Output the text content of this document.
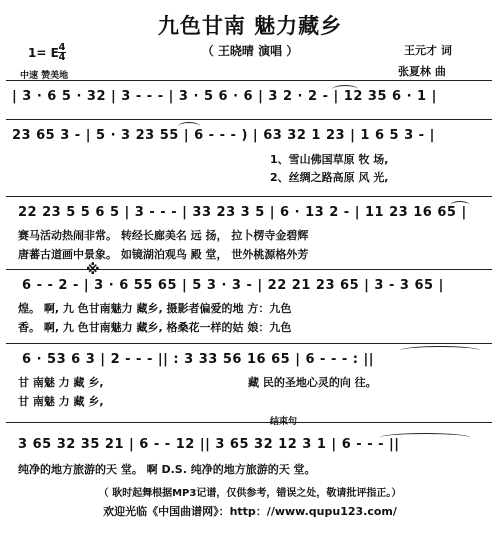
九色甘南 魅力藏乡
（ 王晓晴 演唱 ）
1= E 4
4
中速 赞美地
王元才 词
张夏林 曲
| 3 · 6 5 · 32 | 3 - - - | 3 · 5 6 · 6 | 3 2 · 2 - | 12 35 6 · 1 |
23 65 3 - | 5 · 3 23 55 | 6 - - - ) | 63 32 1 23 | 1 6 5 3 - |
1、雪山佛国草原 牧 场,
2、丝绸之路高原 风 光,
22 23 5 5 6 5 | 3 - - - | 33 23 3 5 | 6 · 13 2 - | 11 23 16 65 |
赛马活动热闹非常。 转经长廊美名 远 扬， 拉卜楞寺金碧辉
唐蕃古道画中景象。 如镜湖泊观鸟 殿 堂， 世外桃源格外芳
※
6 - - 2 - | 3 · 6 55 65 | 5 3 · 3 - | 22 21 23 65 | 3 - 3 65 |
煌。 啊, 九 色甘南魅力 藏乡, 摄影者偏爱的地 方：九色
香。 啊, 九 色甘南魅力 藏乡, 格桑花一样的姑 娘：九色
6 · 53 6 3 | 2 - - - || : 3 33 56 16 65 | 6 - - - : ||
甘 南魅 力 藏 乡,	藏 民的圣地心灵的向 往。
甘 南魅 力 藏 乡,
结束句
3 65 32 35 21 | 6 - - 12 || 3 65 32 12 3 1 | 6 - - - ||
纯净的地方旅游的天 堂。 啊 D.S. 纯净的地方旅游的天 堂。
（ 耿时起舞根据MP3记谱，仅供参考，错误之处，敬请批评指正。）
欢迎光临《中国曲谱网》：http：//www.qupu123.com/
